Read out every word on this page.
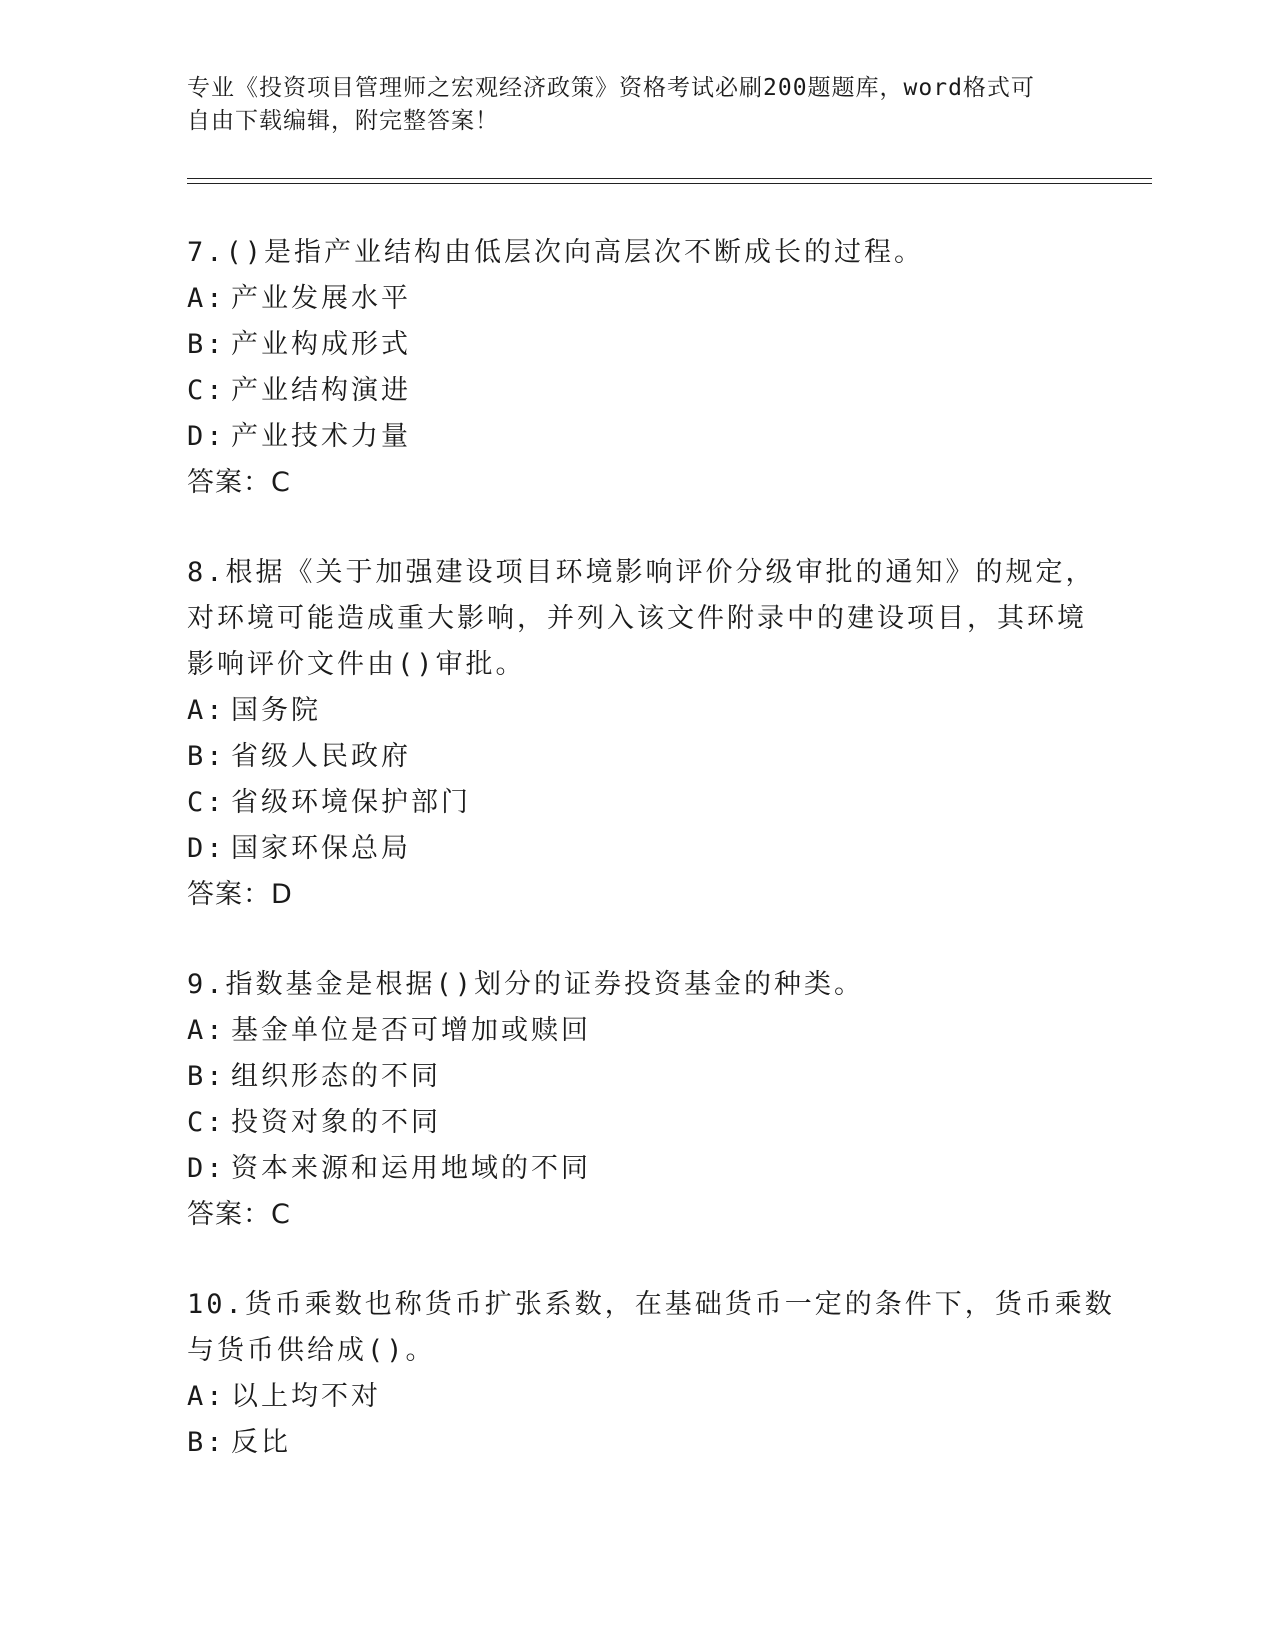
专业《投资项目管理师之宏观经济政策》资格考试必刷200题题库，word格式可
自由下载编辑，附完整答案！
7.()是指产业结构由低层次向高层次不断成长的过程。
A: 产业发展水平
B: 产业构成形式
C: 产业结构演进
D: 产业技术力量
答案：C
8.根据《关于加强建设项目环境影响评价分级审批的通知》的规定，
对环境可能造成重大影响，并列入该文件附录中的建设项目，其环境
影响评价文件由()审批。
A: 国务院
B: 省级人民政府
C: 省级环境保护部门
D: 国家环保总局
答案：D
9.指数基金是根据()划分的证券投资基金的种类。
A: 基金单位是否可增加或赎回
B: 组织形态的不同
C: 投资对象的不同
D: 资本来源和运用地域的不同
答案：C
10.货币乘数也称货币扩张系数，在基础货币一定的条件下，货币乘数
与货币供给成()。
A: 以上均不对
B: 反比
